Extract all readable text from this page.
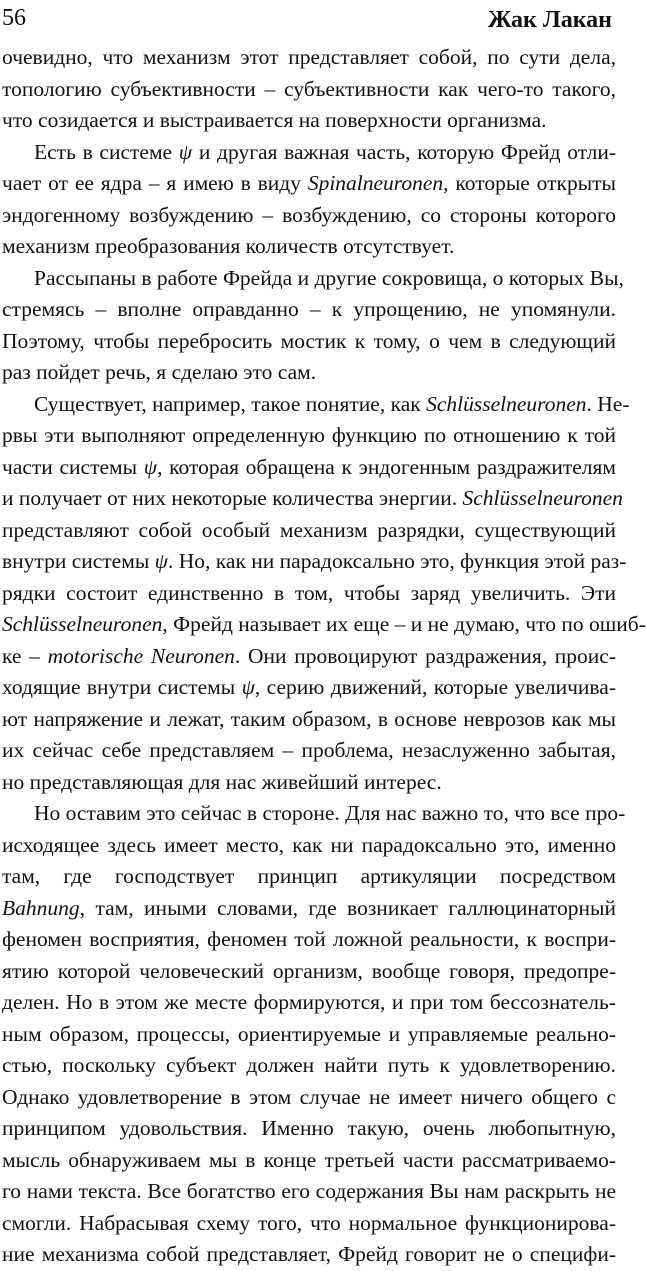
56	Жак Лакан
очевидно, что механизм этот представляет собой, по сути дела,
топологию субъективности – субъективности как чего-то такого,
что созидается и выстраивается на поверхности организма.
Есть в системе ψ и другая важная часть, которую Фрейд отли-
чает от ее ядра – я имею в виду Spinalneuronen, которые открыты
эндогенному возбуждению – возбуждению, со стороны которого
механизм преобразования количеств отсутствует.
Рассыпаны в работе Фрейда и другие сокровища, о которых Вы,
стремясь – вполне оправданно – к упрощению, не упомянули.
Поэтому, чтобы перебросить мостик к тому, о чем в следующий
раз пойдет речь, я сделаю это сам.
Существует, например, такое понятие, как Schlüsselneuronen. Не-
рвы эти выполняют определенную функцию по отношению к той
части системы ψ, которая обращена к эндогенным раздражителям
и получает от них некоторые количества энергии. Schlüsselneuronen
представляют собой особый механизм разрядки, существующий
внутри системы ψ. Но, как ни парадоксально это, функция этой раз-
рядки состоит единственно в том, чтобы заряд увеличить. Эти
Schlüsselneuronen, Фрейд называет их еще – и не думаю, что по ошиб-
ке – motorische Neuronen. Они провоцируют раздражения, проис-
ходящие внутри системы ψ, серию движений, которые увеличива-
ют напряжение и лежат, таким образом, в основе неврозов как мы
их сейчас себе представляем – проблема, незаслуженно забытая,
но представляющая для нас живейший интерес.
Но оставим это сейчас в стороне. Для нас важно то, что все про-
исходящее здесь имеет место, как ни парадоксально это, именно
там, где господствует принцип артикуляции посредством
Bahnung, там, иными словами, где возникает галлюцинаторный
феномен восприятия, феномен той ложной реальности, к воспри-
ятию которой человеческий организм, вообще говоря, предопре-
делен. Но в этом же месте формируются, и при том бессознатель-
ным образом, процессы, ориентируемые и управляемые реально-
стью, поскольку субъект должен найти путь к удовлетворению.
Однако удовлетворение в этом случае не имеет ничего общего с
принципом удовольствия. Именно такую, очень любопытную,
мысль обнаруживаем мы в конце третьей части рассматриваемо-
го нами текста. Все богатство его содержания Вы нам раскрыть не
смогли. Набрасывая схему того, что нормальное функционирова-
ние механизма собой представляет, Фрейд говорит не о специфи-
